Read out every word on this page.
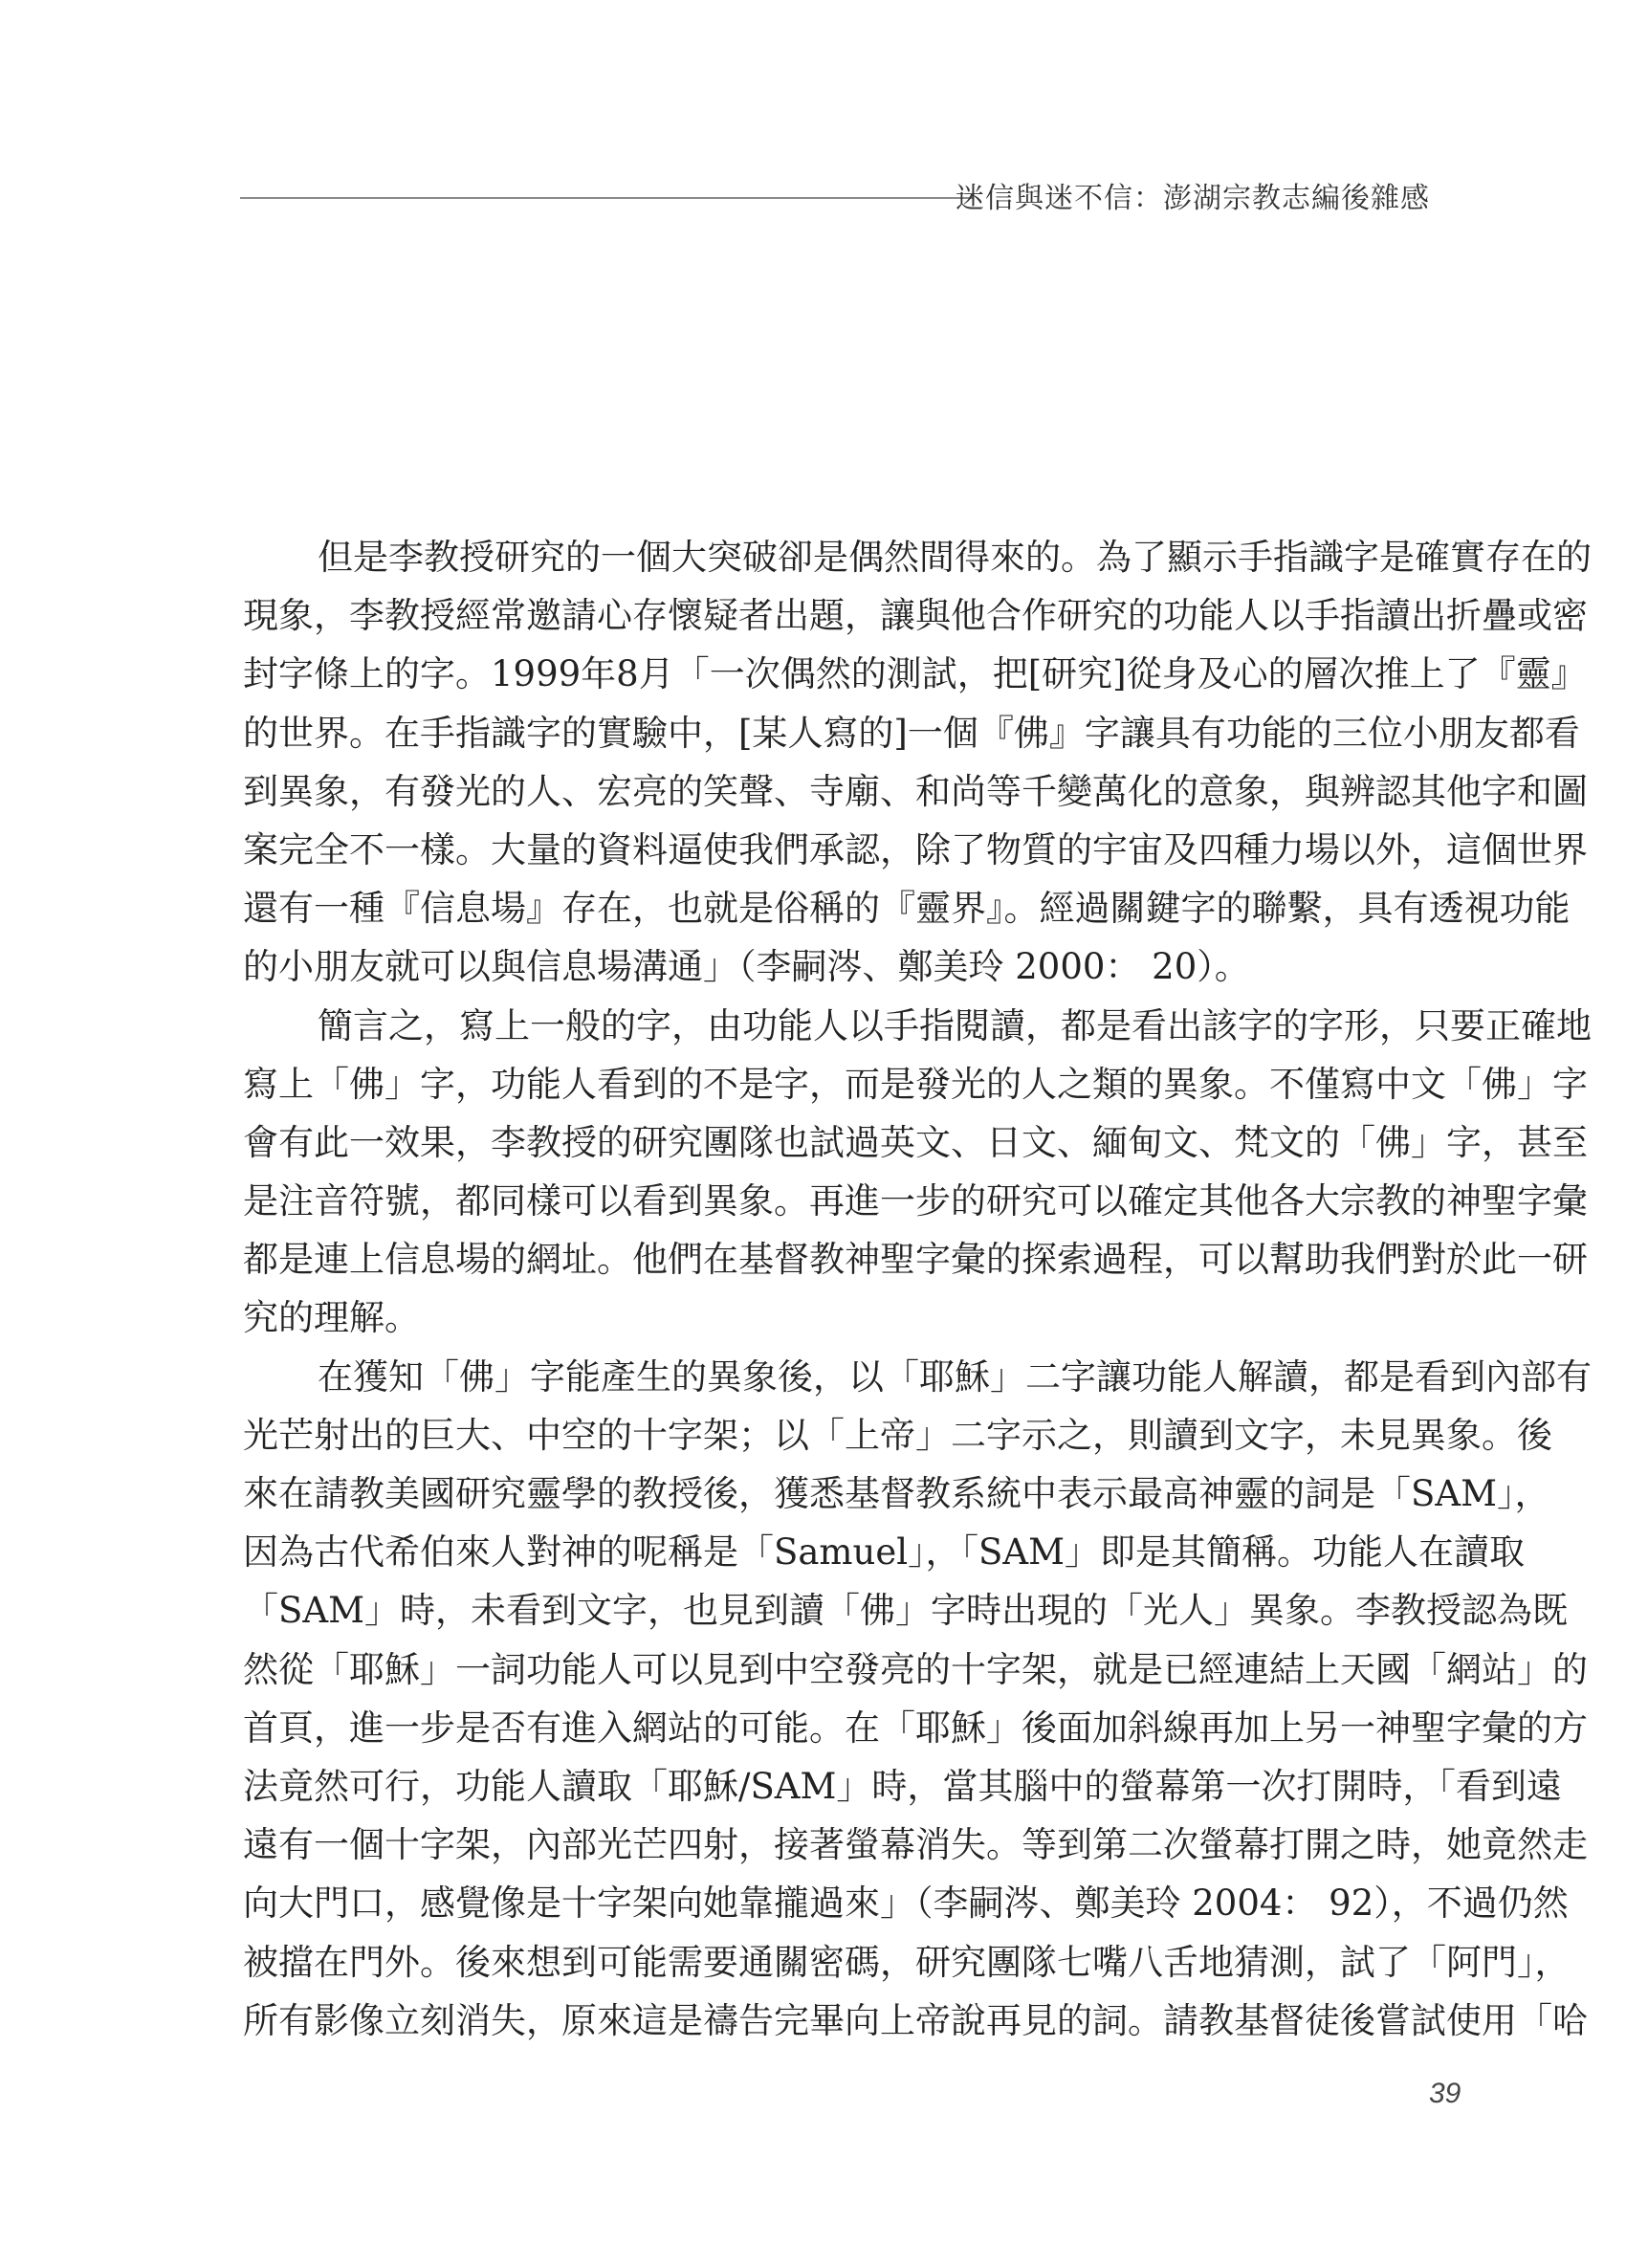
迷信與迷不信：澎湖宗教志編後雜感
但是李教授研究的一個大突破卻是偶然間得來的。為了顯示手指識字是確實存在的
現象，李教授經常邀請心存懷疑者出題，讓與他合作研究的功能人以手指讀出折疊或密
封字條上的字。1999年8月「一次偶然的測試，把[研究]從身及心的層次推上了『靈』
的世界。在手指識字的實驗中，[某人寫的]一個『佛』字讓具有功能的三位小朋友都看
到異象，有發光的人、宏亮的笑聲、寺廟、和尚等千變萬化的意象，與辨認其他字和圖
案完全不一樣。大量的資料逼使我們承認，除了物質的宇宙及四種力場以外，這個世界
還有一種『信息場』存在，也就是俗稱的『靈界』。經過關鍵字的聯繫，具有透視功能
的小朋友就可以與信息場溝通」（李嗣涔、鄭美玲 2000： 20）。
簡言之，寫上一般的字，由功能人以手指閱讀，都是看出該字的字形，只要正確地
寫上「佛」字，功能人看到的不是字，而是發光的人之類的異象。不僅寫中文「佛」字
會有此一效果，李教授的研究團隊也試過英文、日文、緬甸文、梵文的「佛」字，甚至
是注音符號，都同樣可以看到異象。再進一步的研究可以確定其他各大宗教的神聖字彙
都是連上信息場的網址。他們在基督教神聖字彙的探索過程，可以幫助我們對於此一研
究的理解。
在獲知「佛」字能產生的異象後，以「耶穌」二字讓功能人解讀，都是看到內部有
光芒射出的巨大、中空的十字架；以「上帝」二字示之，則讀到文字，未見異象。後
來在請教美國研究靈學的教授後，獲悉基督教系統中表示最高神靈的詞是「SAM」，
因為古代希伯來人對神的呢稱是「Samuel」，「SAM」即是其簡稱。功能人在讀取
「SAM」時，未看到文字，也見到讀「佛」字時出現的「光人」異象。李教授認為既
然從「耶穌」一詞功能人可以見到中空發亮的十字架，就是已經連結上天國「網站」的
首頁，進一步是否有進入網站的可能。在「耶穌」後面加斜線再加上另一神聖字彙的方
法竟然可行，功能人讀取「耶穌/SAM」時，當其腦中的螢幕第一次打開時，「看到遠
遠有一個十字架，內部光芒四射，接著螢幕消失。等到第二次螢幕打開之時，她竟然走
向大門口，感覺像是十字架向她靠攏過來」（李嗣涔、鄭美玲 2004： 92），不過仍然
被擋在門外。後來想到可能需要通關密碼，研究團隊七嘴八舌地猜測，試了「阿門」，
所有影像立刻消失，原來這是禱告完畢向上帝說再見的詞。請教基督徒後嘗試使用「哈
39
